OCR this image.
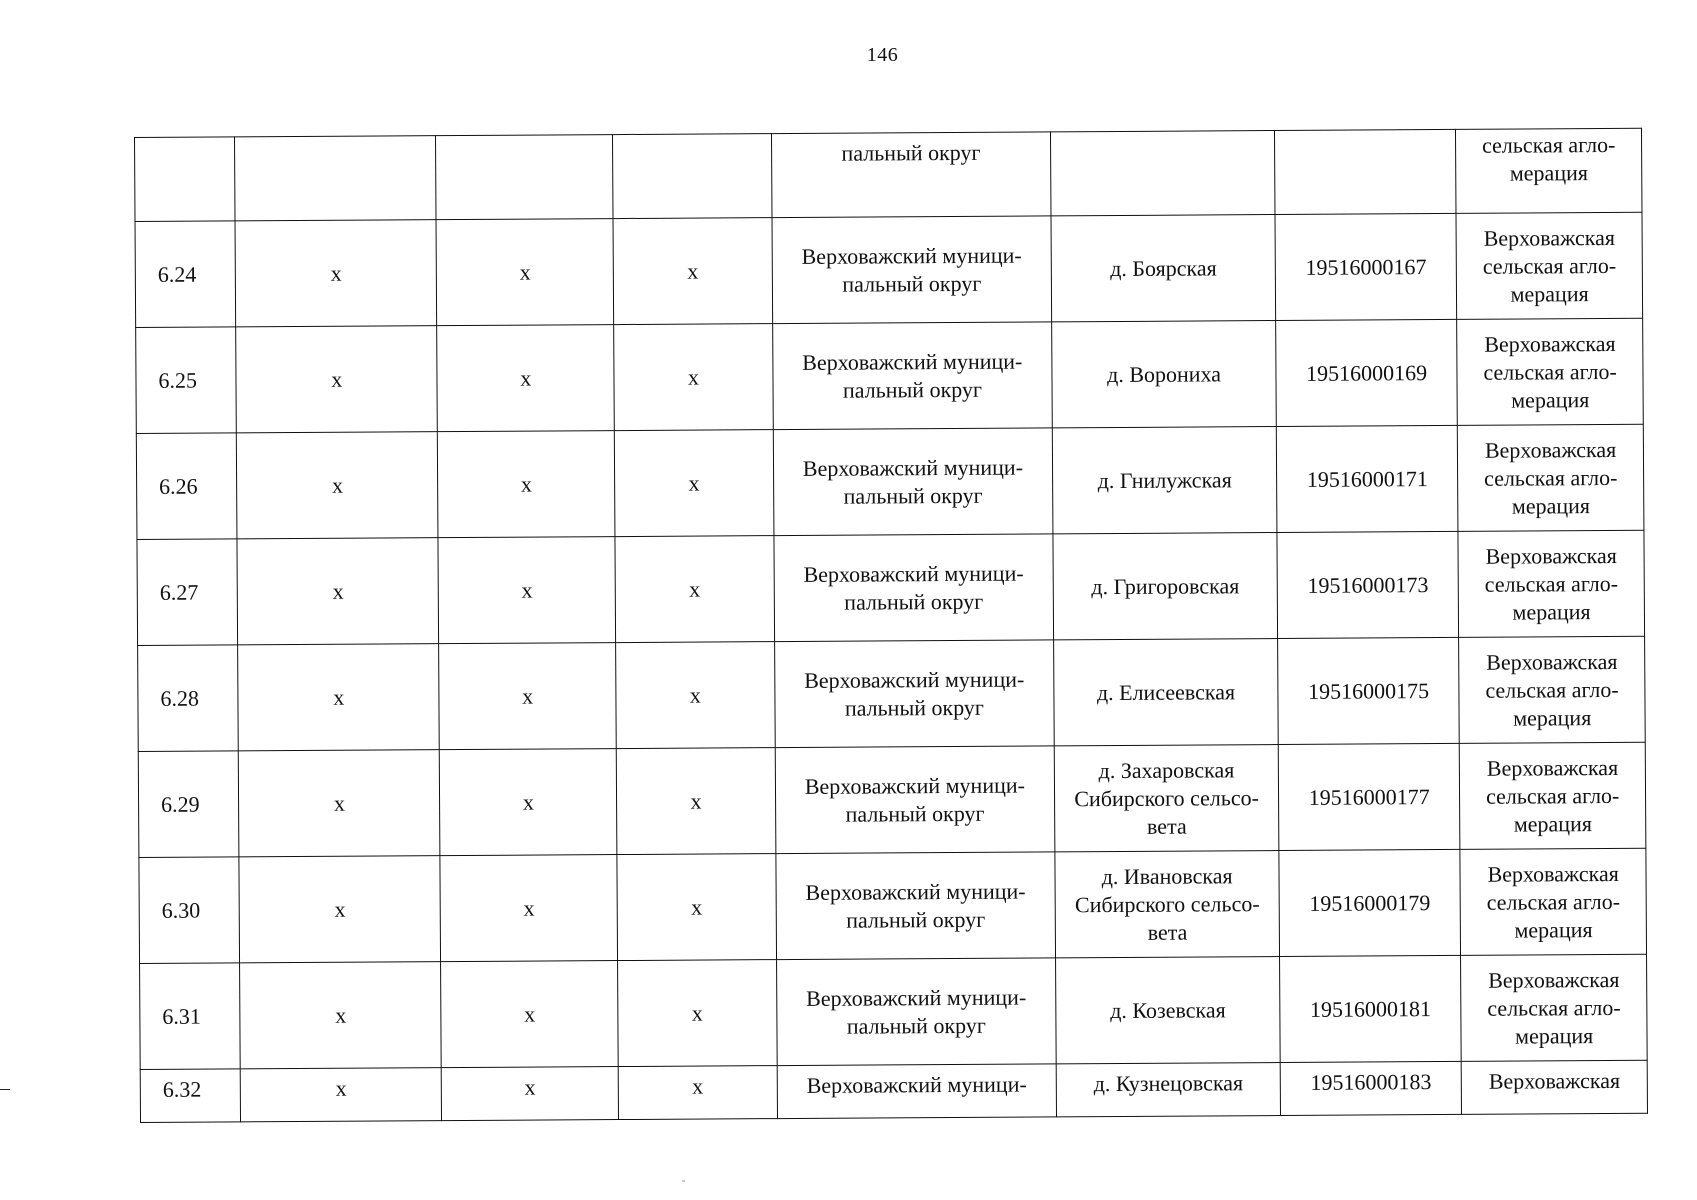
146
				пальный округ			сельская агло-
мерация
6.24	x	x	x	Верховажский муници-
пальный округ	д. Боярская	19516000167	Верховажская
сельская агло-
мерация
6.25	x	x	x	Верховажский муници-
пальный округ	д. Ворониха	19516000169	Верховажская
сельская агло-
мерация
6.26	x	x	x	Верховажский муници-
пальный округ	д. Гнилужская	19516000171	Верховажская
сельская агло-
мерация
6.27	x	x	x	Верховажский муници-
пальный округ	д. Григоровская	19516000173	Верховажская
сельская агло-
мерация
6.28	x	x	x	Верховажский муници-
пальный округ	д. Елисеевская	19516000175	Верховажская
сельская агло-
мерация
6.29	x	x	x	Верховажский муници-
пальный округ	д. Захаровская
Сибирского сельсо-
вета	19516000177	Верховажская
сельская агло-
мерация
6.30	x	x	x	Верховажский муници-
пальный округ	д. Ивановская
Сибирского сельсо-
вета	19516000179	Верховажская
сельская агло-
мерация
6.31	x	x	x	Верховажский муници-
пальный округ	д. Козевская	19516000181	Верховажская
сельская агло-
мерация
6.32	x	x	x	Верховажский муници-	д. Кузнецовская	19516000183	Верховажская
